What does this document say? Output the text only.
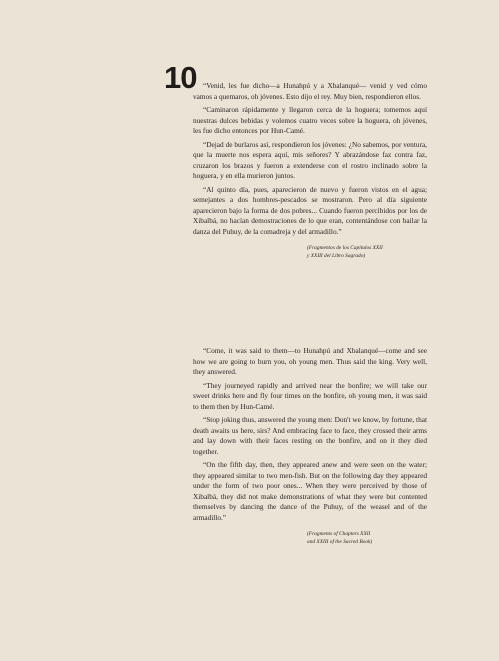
10 “Venid, les fue dicho—a Hunahpú y a Xbalanqué— venid y ved cómo vamos a quemaros, oh jóvenes. Esto dijo el rey. Muy bien, respondieron ellos.

“Caminaron rápidamente y llegaron cerca de la hoguera; tomemos aquí nuestras dulces bebidas y volemos cuatro veces sobre la hoguera, oh jóvenes, les fue dicho entonces por Hun-Camé.

“Dejad de burlaros así, respondieron los jóvenes: ¿No sabemos, por ventura, que la muerte nos espera aquí, mis señores? Y abrazándose faz contra faz, cruzaron los brazos y fueron a extenderse con el rostro inclinado sobre la hoguera, y en ella murieron juntos.

“Al quinto día, pues, aparecieron de nuevo y fueron vistos en el agua; semejantes a dos hombres-pescados se mostraron. Pero al día siguiente aparecieron bajo la forma de dos pobres... Cuando fueron percibidos por los de Xibalbá, no hacían demostraciones de lo que eran, contentándose con bailar la danza del Puhuy, de la comadreja y del armadillo.”

(Fragmentos de los Capítulos XXII
y XXIII del Libro Sagrado)

“Come, it was said to them—to Hunahpú and Xbalanqué—come and see how we are going to burn you, oh young men. Thus said the king. Very well, they answered.

“They journeyed rapidly and arrived near the bonfire; we will take our sweet drinks here and fly four times on the bonfire, oh young men, it was said to them then by Hun-Camé.

“Stop joking thus, answered the young men: Don't we know, by fortune, that death awaits us here, sirs? And embracing face to face, they crossed their arms and lay down with their faces resting on the bonfire, and on it they died together.

“On the fifth day, then, they appeared anew and were seen on the water; they appeared similar to two men-fish. But on the following day they appeared under the form of two poor ones... When they were perceived by those of Xibalbá, they did not make demonstrations of what they were but contented themselves by dancing the dance of the Puhuy, of the weasel and of the armadillo.”

(Fragments of Chapters XXII
and XXIII of the Sacred Book)
